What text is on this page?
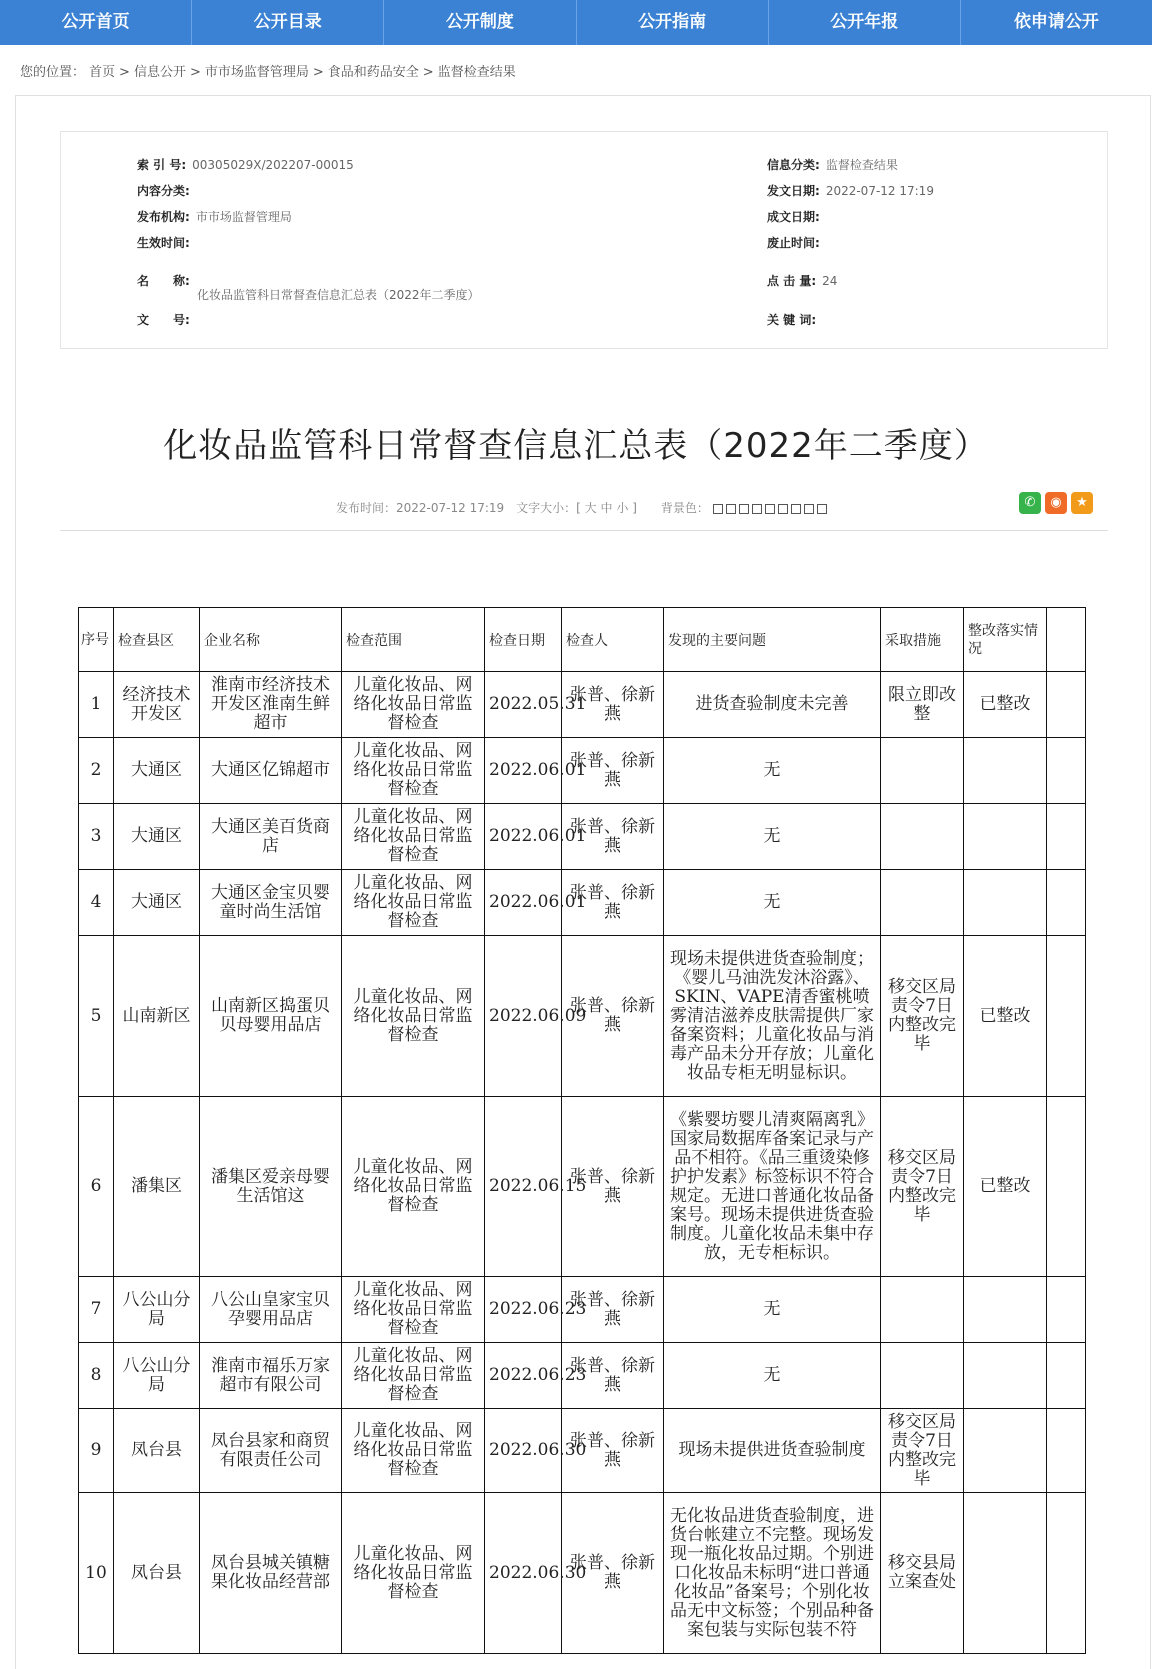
公开首页	公开目录	公开制度	公开指南	公开年报	依申请公开
您的位置： 首页 > 信息公开 > 市市场监督管理局 > 食品和药品安全 > 监督检查结果
索 引 号: 00305029X/202207-00015	信息分类: 监督检查结果
内容分类:	发文日期: 2022-07-12 17:19
发布机构: 市市场监督管理局	成文日期:
生效时间:	废止时间:
名　　称:
化妆品监管科日常督查信息汇总表（2022年二季度）
点 击 量: 24
文　　号:	关 键 词:
化妆品监管科日常督查信息汇总表（2022年二季度）
发布时间：2022-07-12 17:19 文字大小：[ 大 中 小 ] 背景色：	✆	◉	★
序号	检查县区	企业名称	检查范围	检查日期	检查人	发现的主要问题	采取措施	整改落实情况	
1	经济技术开发区	淮南市经济技术开发区淮南生鲜超市	儿童化妆品、网络化妆品日常监督检查	2022.05.31	张普、徐新燕	进货查验制度未完善	限立即改整	已整改	
2	大通区	大通区亿锦超市	儿童化妆品、网络化妆品日常监督检查	2022.06.01	张普、徐新燕	无			
3	大通区	大通区美百货商店	儿童化妆品、网络化妆品日常监督检查	2022.06.01	张普、徐新燕	无			
4	大通区	大通区金宝贝婴童时尚生活馆	儿童化妆品、网络化妆品日常监督检查	2022.06.01	张普、徐新燕	无			
5	山南新区	山南新区捣蛋贝贝母婴用品店	儿童化妆品、网络化妆品日常监督检查	2022.06.09	张普、徐新燕	现场未提供进货查验制度；《婴儿马油洗发沐浴露》、SKIN、VAPE清香蜜桃喷雾清洁滋养皮肤需提供厂家备案资料；儿童化妆品与消毒产品未分开存放；儿童化妆品专柜无明显标识。	移交区局责令7日内整改完毕	已整改	
6	潘集区	潘集区爱亲母婴生活馆这	儿童化妆品、网络化妆品日常监督检查	2022.06.15	张普、徐新燕	《紫婴坊婴儿清爽隔离乳》国家局数据库备案记录与产品不相符。《品三重烫染修护护发素》标签标识不符合规定。无进口普通化妆品备案号。现场未提供进货查验制度。儿童化妆品未集中存放，无专柜标识。	移交区局责令7日内整改完毕	已整改	
7	八公山分局	八公山皇家宝贝孕婴用品店	儿童化妆品、网络化妆品日常监督检查	2022.06.23	张普、徐新燕	无			
8	八公山分局	淮南市福乐万家超市有限公司	儿童化妆品、网络化妆品日常监督检查	2022.06.23	张普、徐新燕	无			
9	凤台县	凤台县家和商贸有限责任公司	儿童化妆品、网络化妆品日常监督检查	2022.06.30	张普、徐新燕	现场未提供进货查验制度	移交区局责令7日内整改完毕		
10	凤台县	凤台县城关镇糖果化妆品经营部	儿童化妆品、网络化妆品日常监督检查	2022.06.30	张普、徐新燕	无化妆品进货查验制度，进货台帐建立不完整。现场发现一瓶化妆品过期。个别进口化妆品未标明“进口普通化妆品”备案号；个别化妆品无中文标签；个别品种备案包装与实际包装不符	移交县局立案查处		
